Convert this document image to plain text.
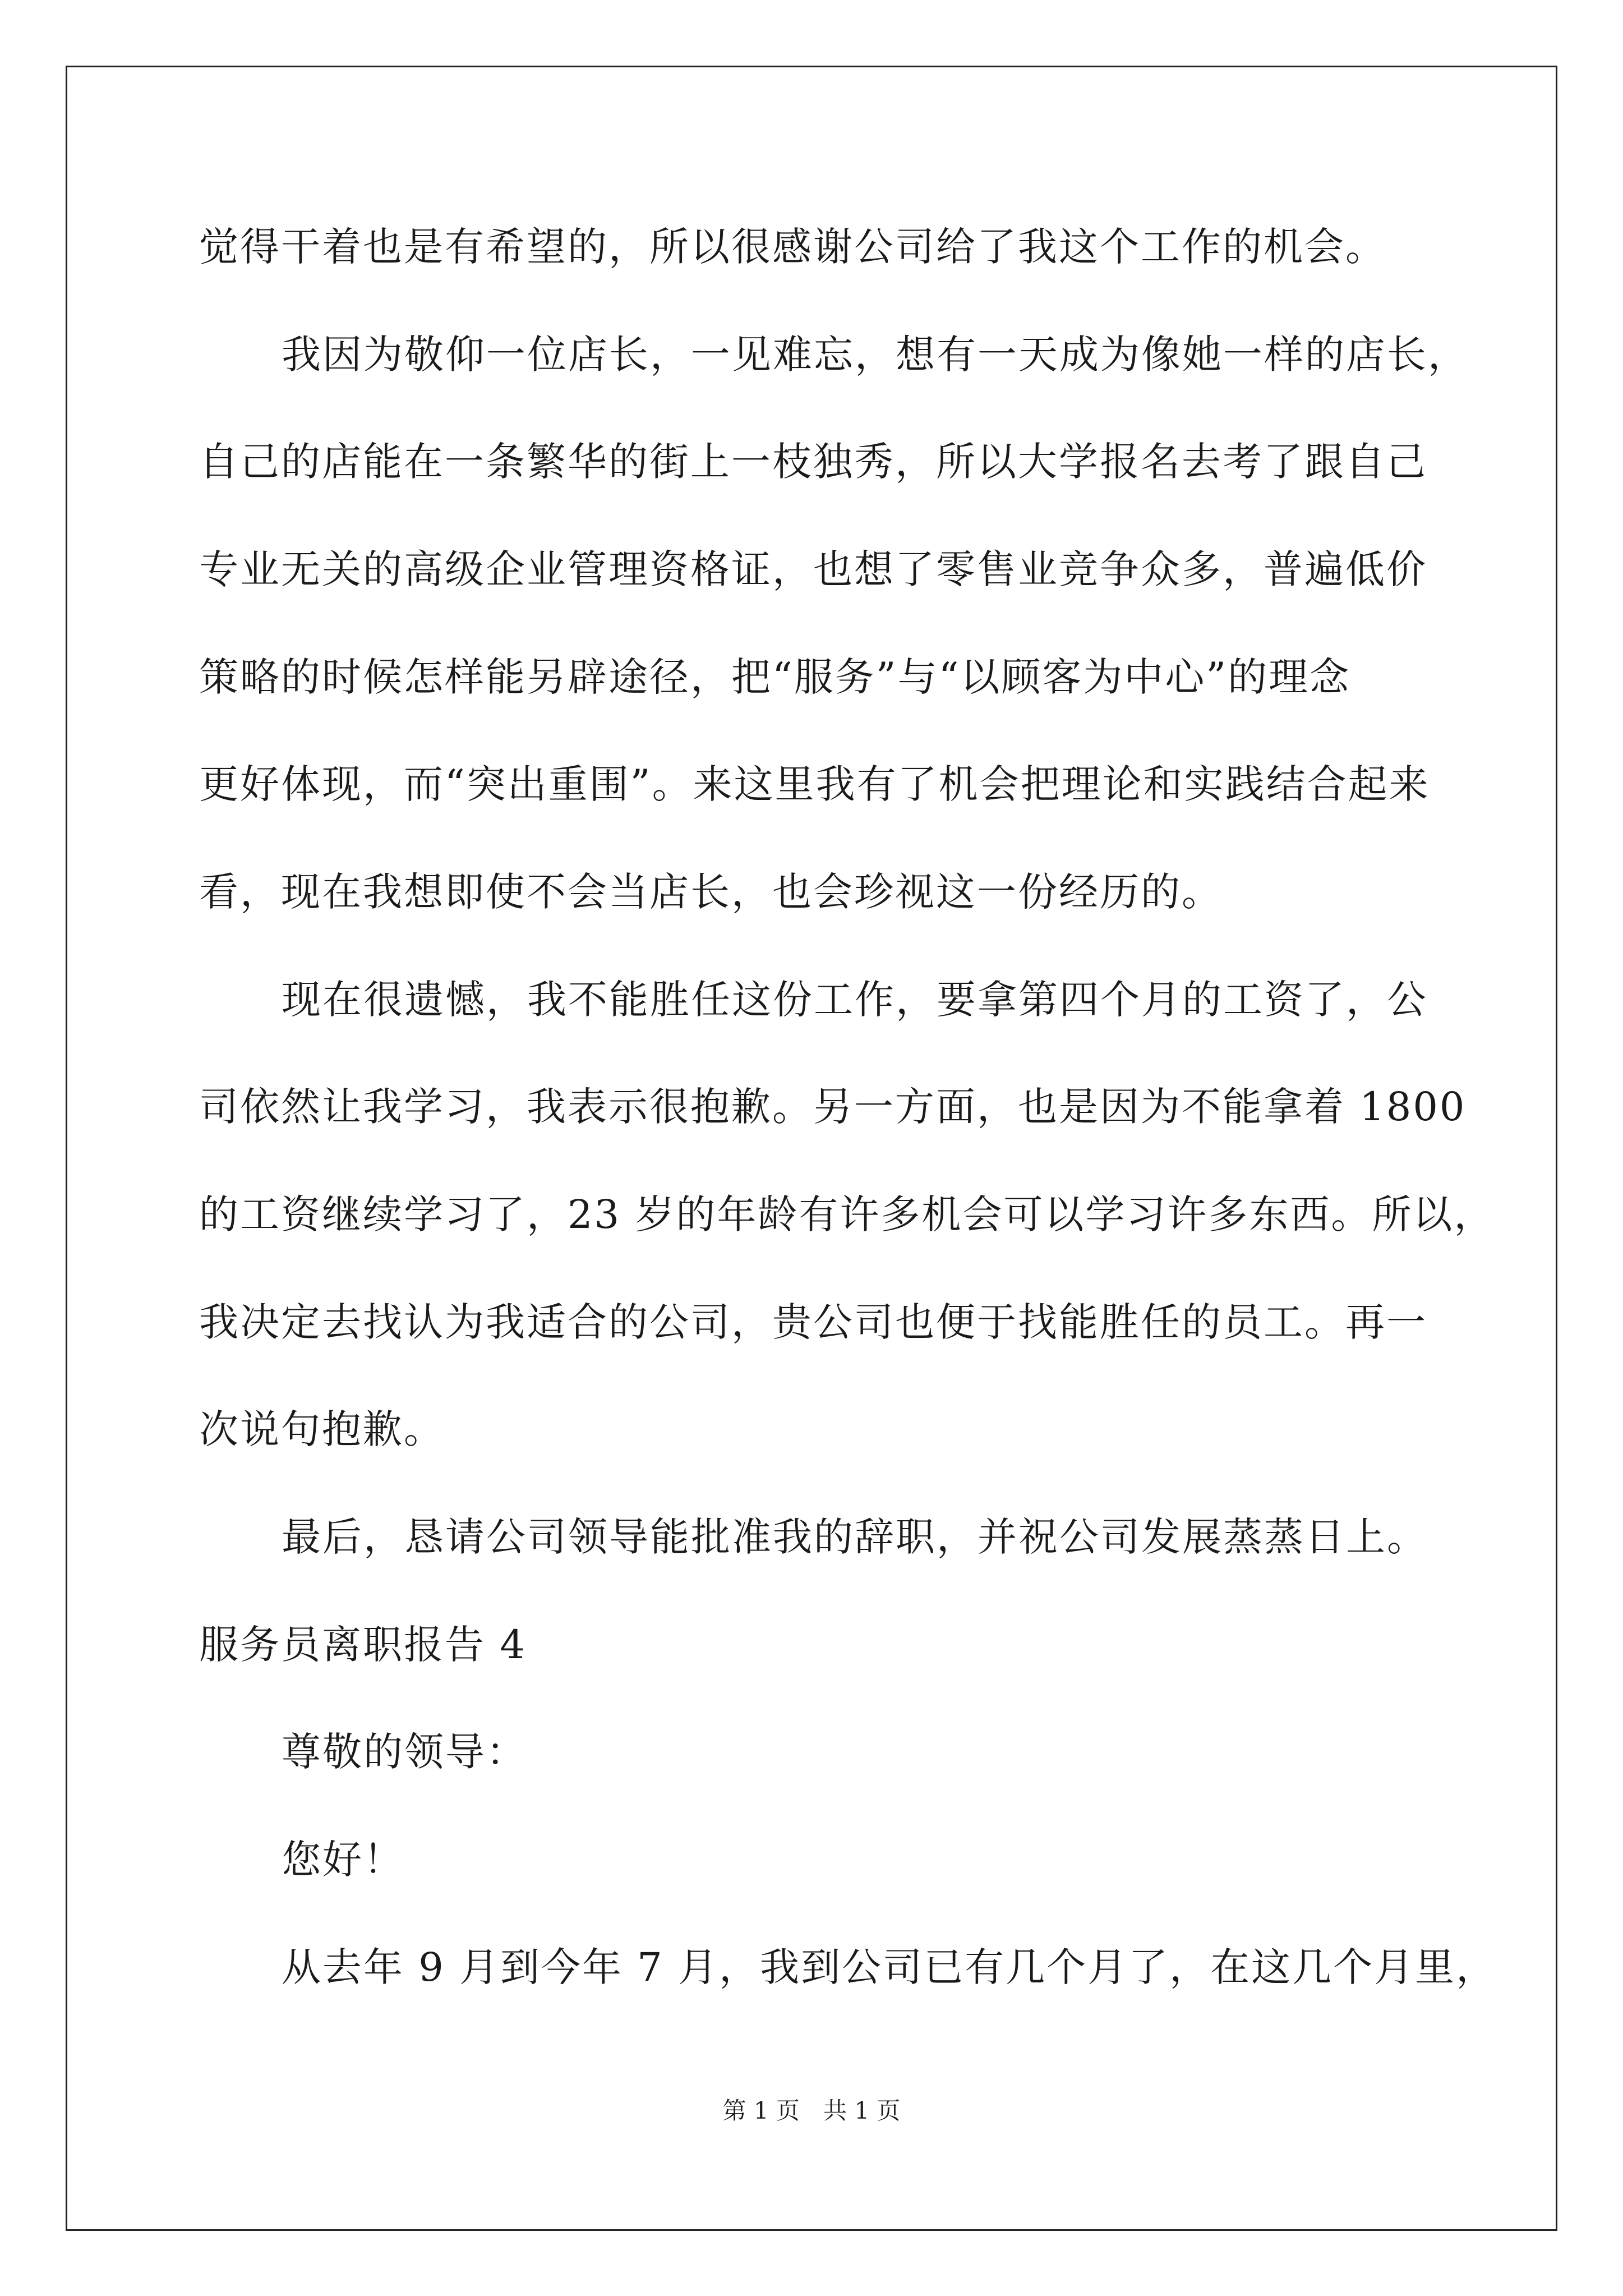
觉得干着也是有希望的，所以很感谢公司给了我这个工作的机会。
我因为敬仰一位店长，一见难忘，想有一天成为像她一样的店长，
自己的店能在一条繁华的街上一枝独秀，所以大学报名去考了跟自己
专业无关的高级企业管理资格证，也想了零售业竞争众多，普遍低价
策略的时候怎样能另辟途径，把“服务”与“以顾客为中心”的理念
更好体现，而“突出重围”。来这里我有了机会把理论和实践结合起来
看，现在我想即使不会当店长，也会珍视这一份经历的。
现在很遗憾，我不能胜任这份工作，要拿第四个月的工资了，公
司依然让我学习，我表示很抱歉。另一方面，也是因为不能拿着 1800
的工资继续学习了，23 岁的年龄有许多机会可以学习许多东西。所以，
我决定去找认为我适合的公司，贵公司也便于找能胜任的员工。再一
次说句抱歉。
最后，恳请公司领导能批准我的辞职，并祝公司发展蒸蒸日上。
服务员离职报告 4
尊敬的领导：
您好！
从去年 9 月到今年 7 月，我到公司已有几个月了，在这几个月里，
第 1 页　共 1 页
